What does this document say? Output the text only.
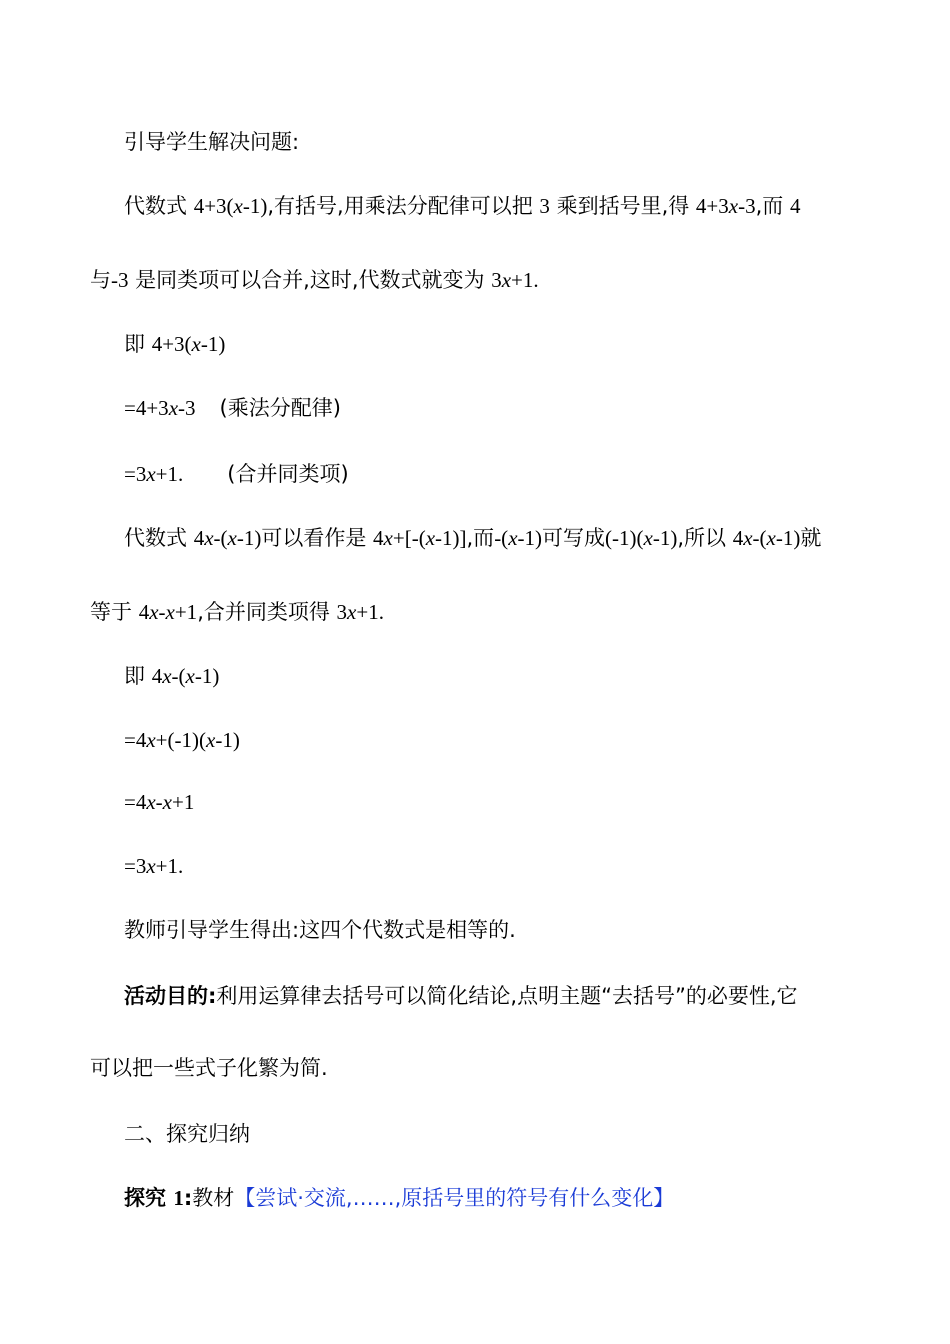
引导学生解决问题:
代数式 4+3(x-1),有括号,用乘法分配律可以把 3 乘到括号里,得 4+3x-3,而 4
与-3 是同类项可以合并,这时,代数式就变为 3x+1.
即 4+3(x-1)
=4+3x-3 (乘法分配律)
=3x+1. (合并同类项)
代数式 4x-(x-1)可以看作是 4x+[-(x-1)],而-(x-1)可写成(-1)(x-1),所以 4x-(x-1)就
等于 4x-x+1,合并同类项得 3x+1.
即 4x-(x-1)
=4x+(-1)(x-1)
=4x-x+1
=3x+1.
教师引导学生得出:这四个代数式是相等的.
活动目的:利用运算律去括号可以简化结论,点明主题“去括号”的必要性,它
可以把一些式子化繁为简.
二、探究归纳
探究 1:教材【尝试·交流,……,原括号里的符号有什么变化】
